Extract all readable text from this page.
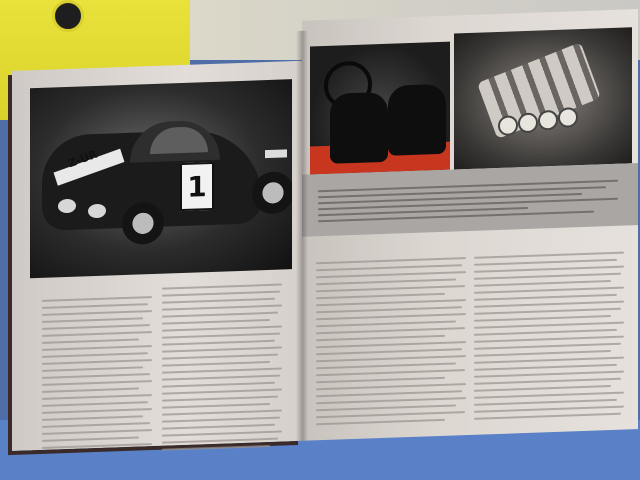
Z-UR
1
